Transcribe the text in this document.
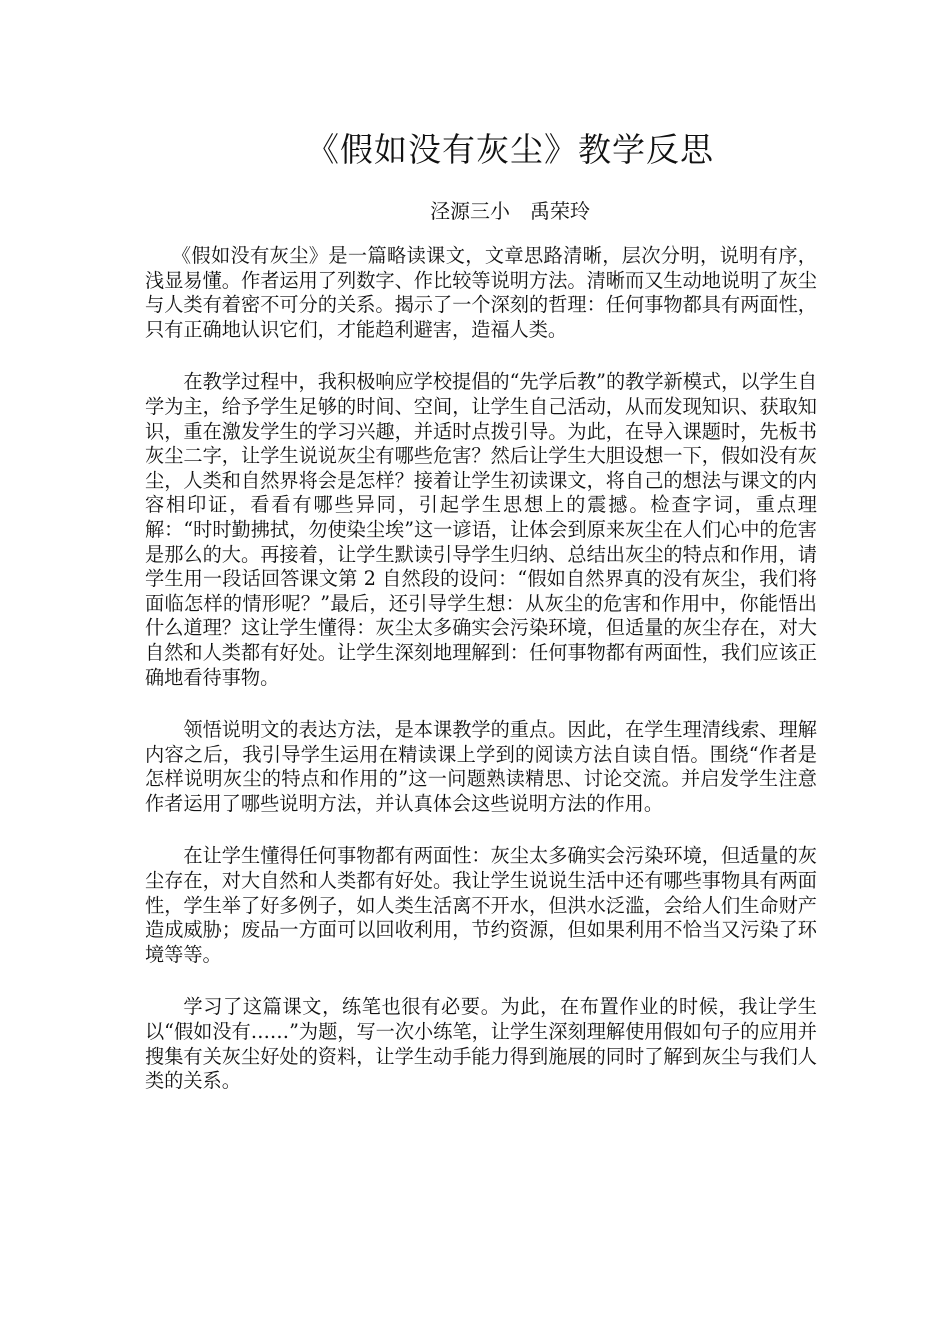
《假如没有灰尘》教学反思

泾源三小　禹荣玲

《假如没有灰尘》是一篇略读课文，文章思路清晰，层次分明，说明有序，浅显易懂。作者运用了列数字、作比较等说明方法。清晰而又生动地说明了灰尘与人类有着密不可分的关系。揭示了一个深刻的哲理：任何事物都具有两面性，只有正确地认识它们，才能趋利避害，造福人类。

在教学过程中，我积极响应学校提倡的“先学后教”的教学新模式，以学生自学为主，给予学生足够的时间、空间，让学生自己活动，从而发现知识、获取知识，重在激发学生的学习兴趣，并适时点拨引导。为此，在导入课题时，先板书灰尘二字，让学生说说灰尘有哪些危害？然后让学生大胆设想一下，假如没有灰尘，人类和自然界将会是怎样？接着让学生初读课文，将自己的想法与课文的内容相印证，看看有哪些异同，引起学生思想上的震撼。检查字词，重点理解：“时时勤拂拭，勿使染尘埃”这一谚语，让体会到原来灰尘在人们心中的危害是那么的大。再接着，让学生默读引导学生归纳、总结出灰尘的特点和作用，请学生用一段话回答课文第 2 自然段的设问：“假如自然界真的没有灰尘，我们将面临怎样的情形呢？”最后，还引导学生想：从灰尘的危害和作用中，你能悟出什么道理？这让学生懂得：灰尘太多确实会污染环境，但适量的灰尘存在，对大自然和人类都有好处。让学生深刻地理解到：任何事物都有两面性，我们应该正确地看待事物。

领悟说明文的表达方法，是本课教学的重点。因此，在学生理清线索、理解内容之后，我引导学生运用在精读课上学到的阅读方法自读自悟。围绕“作者是怎样说明灰尘的特点和作用的”这一问题熟读精思、讨论交流。并启发学生注意作者运用了哪些说明方法，并认真体会这些说明方法的作用。

在让学生懂得任何事物都有两面性：灰尘太多确实会污染环境，但适量的灰尘存在，对大自然和人类都有好处。我让学生说说生活中还有哪些事物具有两面性，学生举了好多例子，如人类生活离不开水，但洪水泛滥，会给人们生命财产造成威胁；废品一方面可以回收利用，节约资源，但如果利用不恰当又污染了环境等等。

学习了这篇课文，练笔也很有必要。为此，在布置作业的时候，我让学生以“假如没有……”为题，写一次小练笔，让学生深刻理解使用假如句子的应用并搜集有关灰尘好处的资料，让学生动手能力得到施展的同时了解到灰尘与我们人类的关系。
